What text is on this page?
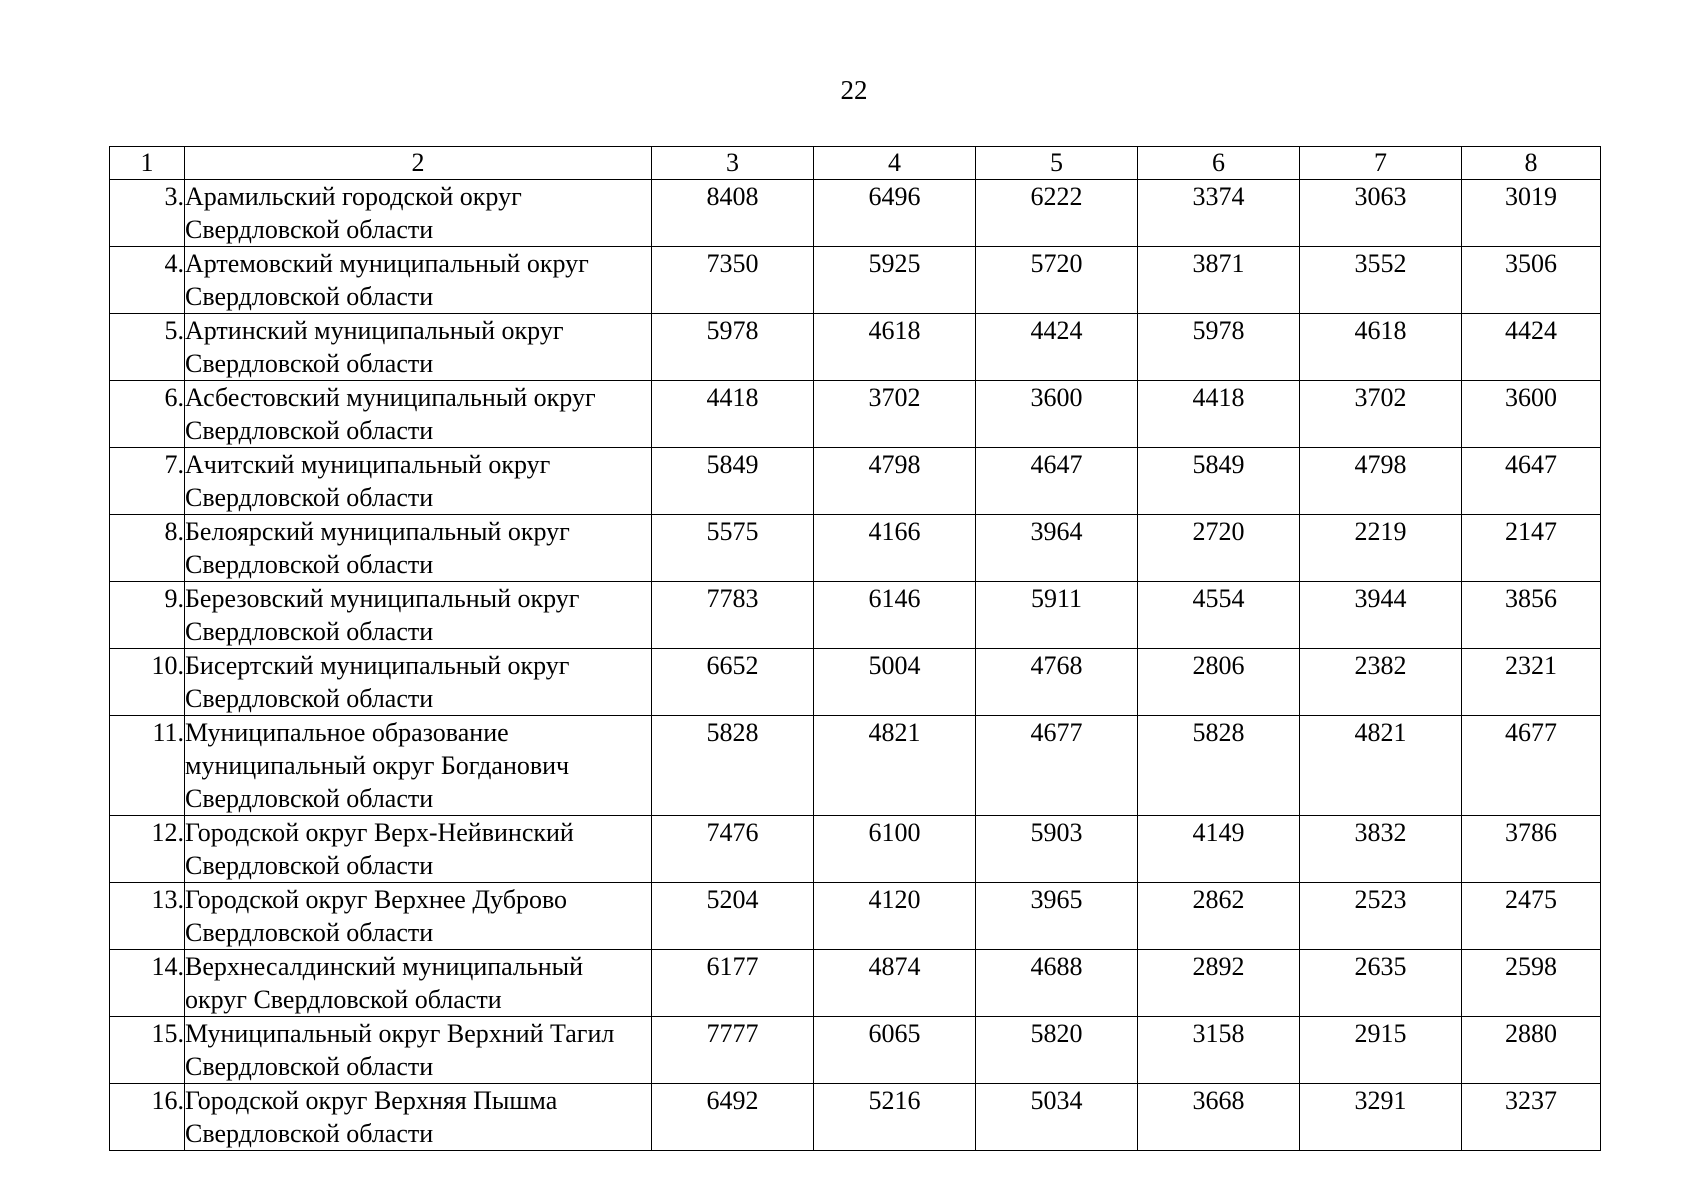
22
1	2	3	4	5	6	7	8
3.	Арамильский городской округ Свердловской области	8408	6496	6222	3374	3063	3019
4.	Артемовский муниципальный округ Свердловской области	7350	5925	5720	3871	3552	3506
5.	Артинский муниципальный округ Свердловской области	5978	4618	4424	5978	4618	4424
6.	Асбестовский муниципальный округ Свердловской области	4418	3702	3600	4418	3702	3600
7.	Ачитский муниципальный округ Свердловской области	5849	4798	4647	5849	4798	4647
8.	Белоярский муниципальный округ Свердловской области	5575	4166	3964	2720	2219	2147
9.	Березовский муниципальный округ Свердловской области	7783	6146	5911	4554	3944	3856
10.	Бисертский муниципальный округ Свердловской области	6652	5004	4768	2806	2382	2321
11.	Муниципальное образование муниципальный округ Богданович Свердловской области	5828	4821	4677	5828	4821	4677
12.	Городской округ Верх-Нейвинский Свердловской области	7476	6100	5903	4149	3832	3786
13.	Городской округ Верхнее Дуброво Свердловской области	5204	4120	3965	2862	2523	2475
14.	Верхнесалдинский муниципальный округ Свердловской области	6177	4874	4688	2892	2635	2598
15.	Муниципальный округ Верхний Тагил Свердловской области	7777	6065	5820	3158	2915	2880
16.	Городской округ Верхняя Пышма Свердловской области	6492	5216	5034	3668	3291	3237
